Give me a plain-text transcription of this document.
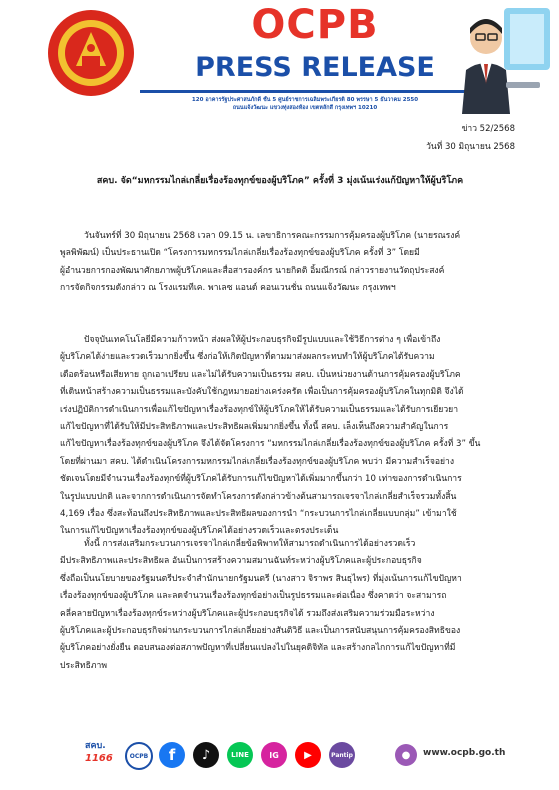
OCPB
PRESS RELEASE
120 อาคารรัฐประศาสนภักดี ชั้น 5 ศูนย์ราชการเฉลิมพระเกียรติ 80 พรรษา 5 ธันวาคม 2550
ถนนแจ้งวัฒนะ แขวงทุ่งสองห้อง เขตหลักสี่ กรุงเทพฯ 10210
ข่าว 52/2568
วันที่ 30 มิถุนายน 2568
สคบ. จัด“มหกรรมไกล่เกลี่ยเรื่องร้องทุกข์ของผู้บริโภค” ครั้งที่ 3 มุ่งเน้นเร่งแก้ปัญหาให้ผู้บริโภค
วันจันทร์ที่ 30 มิถุนายน 2568 เวลา 09.15 น. เลขาธิการคณะกรรมการคุ้มครองผู้บริโภค (นายรณรงค์
พูลพิพัฒน์) เป็นประธานเปิด “โครงการมหกรรมไกล่เกลี่ยเรื่องร้องทุกข์ของผู้บริโภค ครั้งที่ 3” โดยมี
ผู้อำนวยการกองพัฒนาศักยภาพผู้บริโภคและสื่อสารองค์กร นายกิตติ อิ้มณีกรณ์ กล่าวรายงานวัตถุประสงค์
การจัดกิจกรรมดังกล่าว ณ โรงแรมทีเค. พาเลซ แอนด์ คอนเวนชั่น ถนนแจ้งวัฒนะ กรุงเทพฯ
ปัจจุบันเทคโนโลยีมีความก้าวหน้า ส่งผลให้ผู้ประกอบธุรกิจมีรูปแบบและใช้วิธีการต่าง ๆ เพื่อเข้าถึง
ผู้บริโภคได้ง่ายและรวดเร็วมากยิ่งขึ้น ซึ่งก่อให้เกิดปัญหาที่ตามมาส่งผลกระทบทำให้ผู้บริโภคได้รับความ
เดือดร้อนหรือเสียหาย ถูกเอาเปรียบ และไม่ได้รับความเป็นธรรม สคบ. เป็นหน่วยงานด้านการคุ้มครองผู้บริโภค
ที่เดินหน้าสร้างความเป็นธรรมและบังคับใช้กฎหมายอย่างเคร่งครัด เพื่อเป็นการคุ้มครองผู้บริโภคในทุกมิติ จึงได้
เร่งปฏิบัติการดำเนินการเพื่อแก้ไขปัญหาเรื่องร้องทุกข์ให้ผู้บริโภคให้ได้รับความเป็นธรรมและได้รับการเยียวยา
แก้ไขปัญหาที่ได้รับให้มีประสิทธิภาพและประสิทธิผลเพิ่มมากยิ่งขึ้น ทั้งนี้ สคบ. เล็งเห็นถึงความสำคัญในการ
แก้ไขปัญหาเรื่องร้องทุกข์ของผู้บริโภค จึงได้จัดโครงการ “มหกรรมไกล่เกลี่ยเรื่องร้องทุกข์ของผู้บริโภค ครั้งที่ 3” ขึ้น
โดยที่ผ่านมา สคบ. ได้ดำเนินโครงการมหกรรมไกล่เกลี่ยเรื่องร้องทุกข์ของผู้บริโภค พบว่า มีความสำเร็จอย่าง
ชัดเจนโดยมีจำนวนเรื่องร้องทุกข์ที่ผู้บริโภคได้รับการแก้ไขปัญหาได้เพิ่มมากขึ้นกว่า 10 เท่าของการดำเนินการ
ในรูปแบบปกติ และจากการดำเนินการจัดทำโครงการดังกล่าวข้างต้นสามารถเจรจาไกล่เกลี่ยสำเร็จรวมทั้งสิ้น
4,169 เรื่อง ซึ่งสะท้อนถึงประสิทธิภาพและประสิทธิผลของการนำ “กระบวนการไกล่เกลี่ยแบบกลุ่ม” เข้ามาใช้
ในการแก้ไขปัญหาเรื่องร้องทุกข์ของผู้บริโภคได้อย่างรวดเร็วและตรงประเด็น
ทั้งนี้ การส่งเสริมกระบวนการเจรจาไกล่เกลี่ยข้อพิพาทให้สามารถดำเนินการได้อย่างรวดเร็ว
มีประสิทธิภาพและประสิทธิผล อันเป็นการสร้างความสมานฉันท์ระหว่างผู้บริโภคและผู้ประกอบธุรกิจ
ซึ่งถือเป็นนโยบายของรัฐมนตรีประจำสำนักนายกรัฐมนตรี (นางสาว จิราพร สินธุไพร) ที่มุ่งเน้นการแก้ไขปัญหา
เรื่องร้องทุกข์ของผู้บริโภค และลดจำนวนเรื่องร้องทุกข์อย่างเป็นรูปธรรมและต่อเนื่อง ซึ่งคาดว่า จะสามารถ
คลี่คลายปัญหาเรื่องร้องทุกข์ระหว่างผู้บริโภคและผู้ประกอบธุรกิจได้ รวมถึงส่งเสริมความร่วมมือระหว่าง
ผู้บริโภคและผู้ประกอบธุรกิจผ่านกระบวนการไกล่เกลี่ยอย่างสันติวิธี และเป็นการสนับสนุนการคุ้มครองสิทธิของ
ผู้บริโภคอย่างยั่งยืน ตอบสนองต่อสภาพปัญหาที่เปลี่ยนแปลงไปในยุคดิจิทัล และสร้างกลไกการแก้ไขปัญหาที่มี
ประสิทธิภาพ
สคบ.
1166	OCPB	f	♪	LINE	IG	▶	Pantip	●	www.ocpb.go.th
